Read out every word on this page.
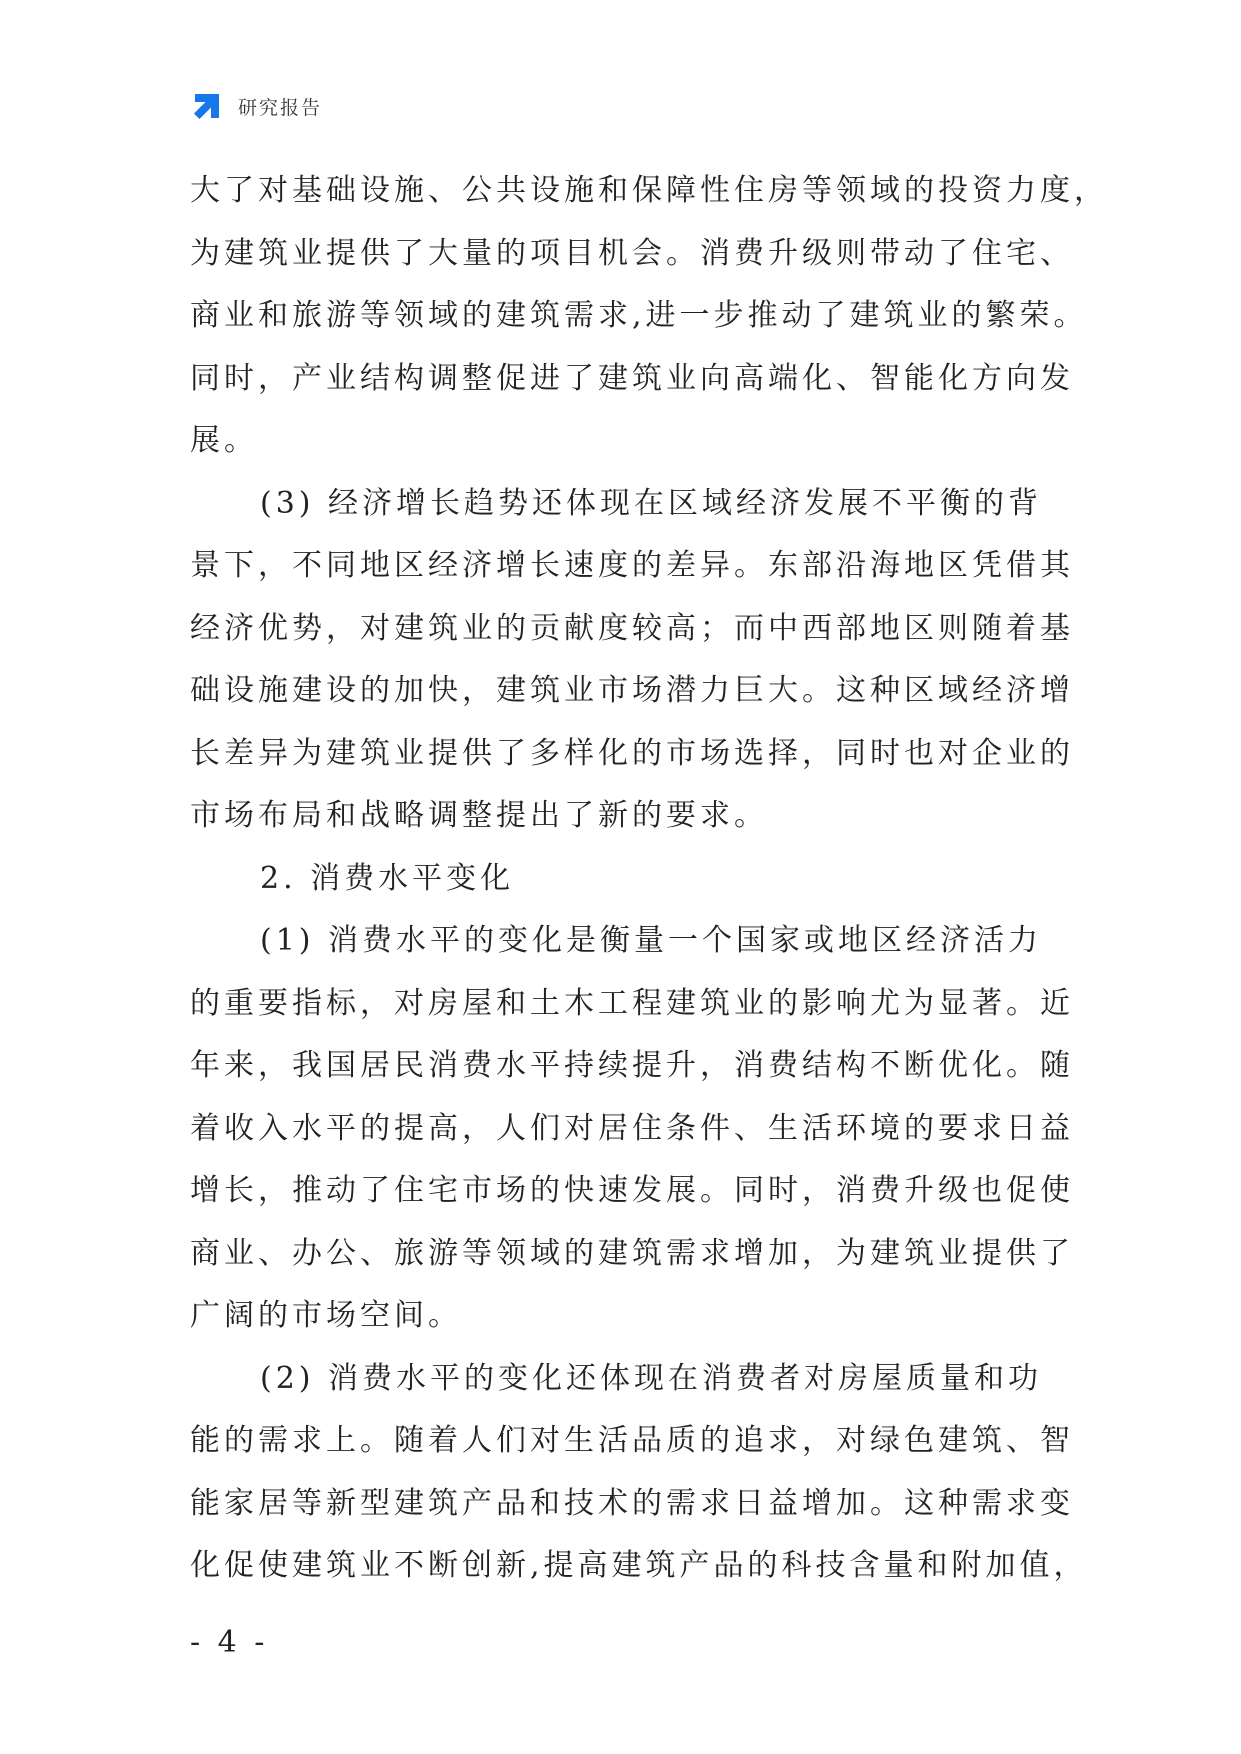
研究报告
大了对基础设施、公共设施和保障性住房等领域的投资力度，
为建筑业提供了大量的项目机会。消费升级则带动了住宅、
商业和旅游等领域的建筑需求,进一步推动了建筑业的繁荣。
同时，产业结构调整促进了建筑业向高端化、智能化方向发
展。
(3) 经济增长趋势还体现在区域经济发展不平衡的背
景下，不同地区经济增长速度的差异。东部沿海地区凭借其
经济优势，对建筑业的贡献度较高；而中西部地区则随着基
础设施建设的加快，建筑业市场潜力巨大。这种区域经济增
长差异为建筑业提供了多样化的市场选择，同时也对企业的
市场布局和战略调整提出了新的要求。
2. 消费水平变化
(1) 消费水平的变化是衡量一个国家或地区经济活力
的重要指标，对房屋和土木工程建筑业的影响尤为显著。近
年来，我国居民消费水平持续提升，消费结构不断优化。随
着收入水平的提高，人们对居住条件、生活环境的要求日益
增长，推动了住宅市场的快速发展。同时，消费升级也促使
商业、办公、旅游等领域的建筑需求增加，为建筑业提供了
广阔的市场空间。
(2) 消费水平的变化还体现在消费者对房屋质量和功
能的需求上。随着人们对生活品质的追求，对绿色建筑、智
能家居等新型建筑产品和技术的需求日益增加。这种需求变
化促使建筑业不断创新,提高建筑产品的科技含量和附加值，
- 4 -
